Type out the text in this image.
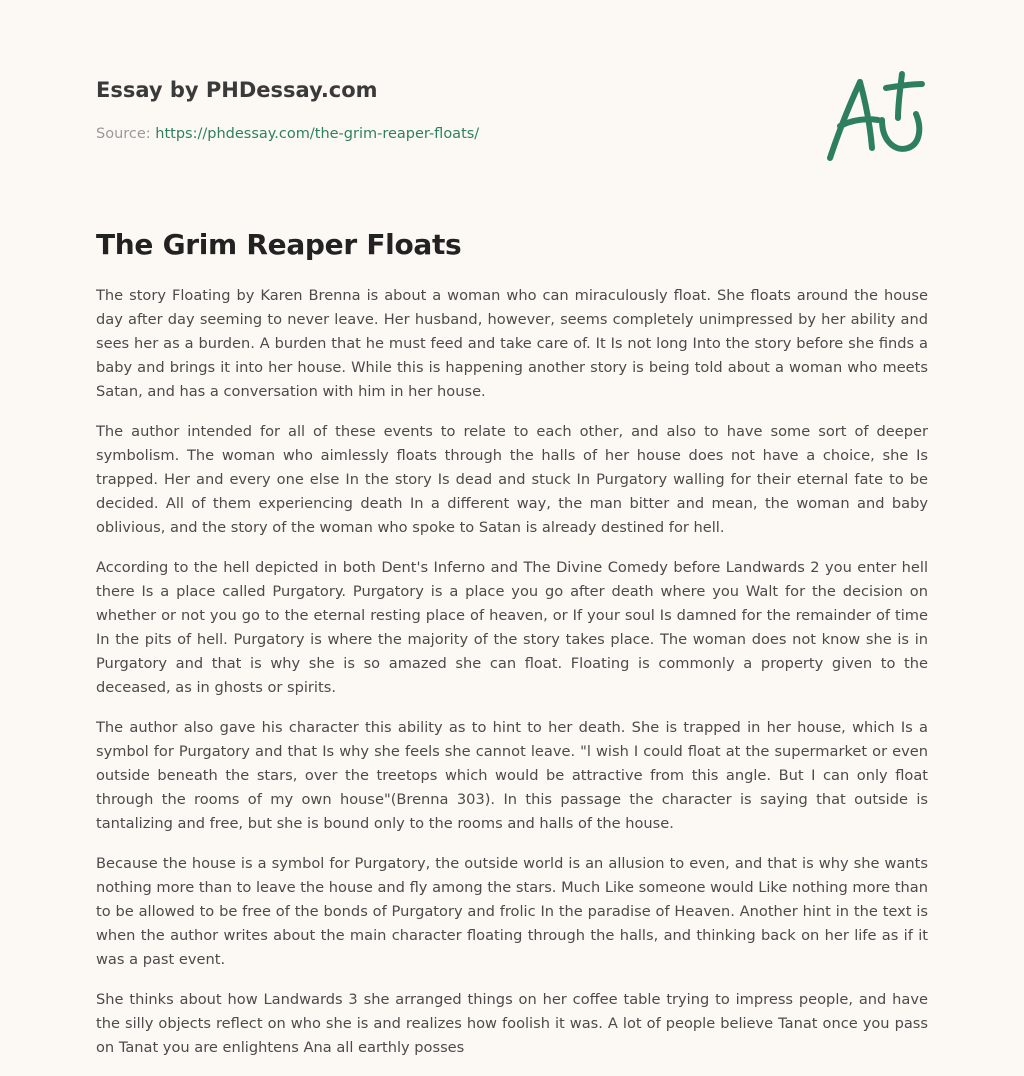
Essay by PHDessay.com
Source: https://phdessay.com/the-grim-reaper-floats/
The Grim Reaper Floats

The story Floating by Karen Brenna is about a woman who can miraculously float. She floats around the house day after day seeming to never leave. Her husband, however, seems completely unimpressed by her ability and sees her as a burden. A burden that he must feed and take care of. It Is not long Into the story before she finds a baby and brings it into her house. While this is happening another story is being told about a woman who meets Satan, and has a conversation with him in her house.

The author intended for all of these events to relate to each other, and also to have some sort of deeper symbolism. The woman who aimlessly floats through the halls of her house does not have a choice, she Is trapped. Her and every one else In the story Is dead and stuck In Purgatory walling for their eternal fate to be decided. All of them experiencing death In a different way, the man bitter and mean, the woman and baby oblivious, and the story of the woman who spoke to Satan is already destined for hell.

According to the hell depicted in both Dent's Inferno and The Divine Comedy before Landwards 2 you enter hell there Is a place called Purgatory. Purgatory is a place you go after death where you Walt for the decision on whether or not you go to the eternal resting place of heaven, or If your soul Is damned for the remainder of time In the pits of hell. Purgatory is where the majority of the story takes place. The woman does not know she is in Purgatory and that is why she is so amazed she can float. Floating is commonly a property given to the deceased, as in ghosts or spirits.

The author also gave his character this ability as to hint to her death. She is trapped in her house, which Is a symbol for Purgatory and that Is why she feels she cannot leave. "l wish I could float at the supermarket or even outside beneath the stars, over the treetops which would be attractive from this angle. But I can only float through the rooms of my own house"(Brenna 303). In this passage the character is saying that outside is tantalizing and free, but she is bound only to the rooms and halls of the house.

Because the house is a symbol for Purgatory, the outside world is an allusion to even, and that is why she wants nothing more than to leave the house and fly among the stars. Much Like someone would Like nothing more than to be allowed to be free of the bonds of Purgatory and frolic In the paradise of Heaven. Another hint in the text is when the author writes about the main character floating through the halls, and thinking back on her life as if it was a past event.

She thinks about how Landwards 3 she arranged things on her coffee table trying to impress people, and have the silly objects reflect on who she is and realizes how foolish it was. A lot of people believe Tanat once you pass on Tanat you are enlightens Ana all earthly posses
